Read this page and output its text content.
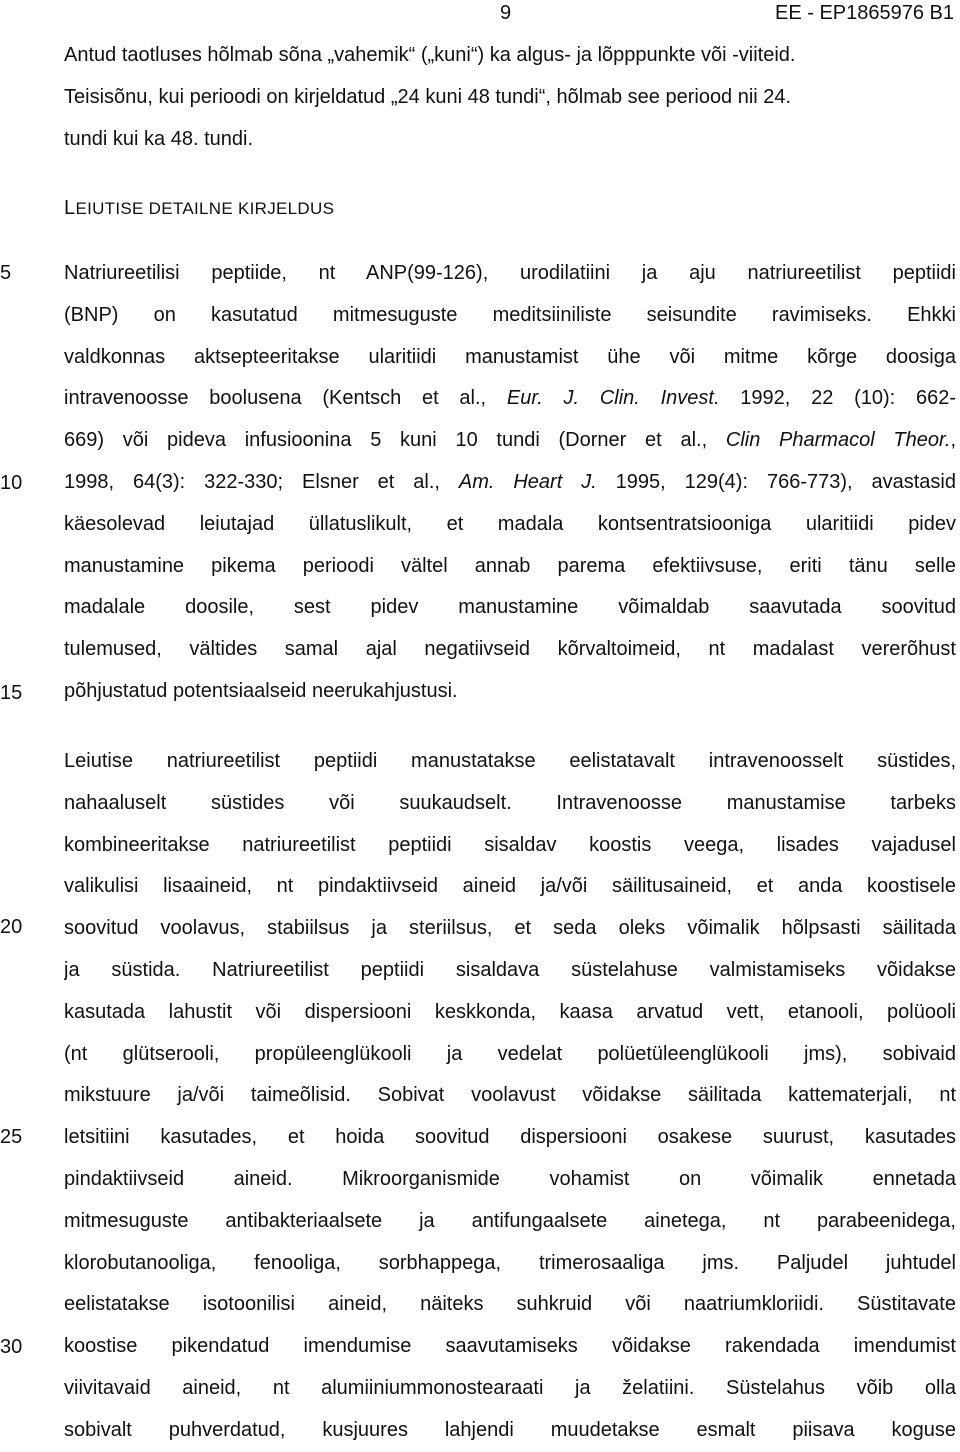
9	EE - EP1865976 B1
5
10
15
20
25
30
Antud taotluses hõlmab sõna „vahemik“ („kuni“) ka algus- ja lõpppunkte või -viiteid.
Teisisõnu, kui perioodi on kirjeldatud „24 kuni 48 tundi“, hõlmab see periood nii 24.
tundi kui ka 48. tundi.
LEIUTISE DETAILNE KIRJELDUS
Natriureetilisi peptiide, nt ANP(99-126), urodilatiini ja aju natriureetilist peptiidi
(BNP) on kasutatud mitmesuguste meditsiiniliste seisundite ravimiseks. Ehkki
valdkonnas aktsepteeritakse ularitiidi manustamist ühe või mitme kõrge doosiga
intravenoosse boolusena (Kentsch et al., Eur. J. Clin. Invest. 1992, 22 (10): 662-
669) või pideva infusioonina 5 kuni 10 tundi (Dorner et al., Clin Pharmacol Theor.,
1998, 64(3): 322-330; Elsner et al., Am. Heart J. 1995, 129(4): 766-773), avastasid
käesolevad leiutajad üllatuslikult, et madala kontsentratsiooniga ularitiidi pidev
manustamine pikema perioodi vältel annab parema efektiivsuse, eriti tänu selle
madalale doosile, sest pidev manustamine võimaldab saavutada soovitud
tulemused, vältides samal ajal negatiivseid kõrvaltoimeid, nt madalast vererõhust
põhjustatud potentsiaalseid neerukahjustusi.
Leiutise natriureetilist peptiidi manustatakse eelistatavalt intravenoosselt süstides,
nahaaluselt süstides või suukaudselt. Intravenoosse manustamise tarbeks
kombineeritakse natriureetilist peptiidi sisaldav koostis veega, lisades vajadusel
valikulisi lisaaineid, nt pindaktiivseid aineid ja/või säilitusaineid, et anda koostisele
soovitud voolavus, stabiilsus ja steriilsus, et seda oleks võimalik hõlpsasti säilitada
ja süstida. Natriureetilist peptiidi sisaldava süstelahuse valmistamiseks võidakse
kasutada lahustit või dispersiooni keskkonda, kaasa arvatud vett, etanooli, polüooli
(nt glütserooli, propüleenglükooli ja vedelat polüetüleenglükooli jms), sobivaid
mikstuure ja/või taimeõlisid. Sobivat voolavust võidakse säilitada kattematerjali, nt
letsitiini kasutades, et hoida soovitud dispersiooni osakese suurust, kasutades
pindaktiivseid aineid. Mikroorganismide vohamist on võimalik ennetada
mitmesuguste antibakteriaalsete ja antifungaalsete ainetega, nt parabeenidega,
klorobutanooliga, fenooliga, sorbhappega, trimerosaaliga jms. Paljudel juhtudel
eelistatakse isotoonilisi aineid, näiteks suhkruid või naatriumkloriidi. Süstitavate
koostise pikendatud imendumise saavutamiseks võidakse rakendada imendumist
viivitavaid aineid, nt alumiiniummonostearaati ja želatiini. Süstelahus võib olla
sobivalt puhverdatud, kusjuures lahjendi muudetakse esmalt piisava koguse
